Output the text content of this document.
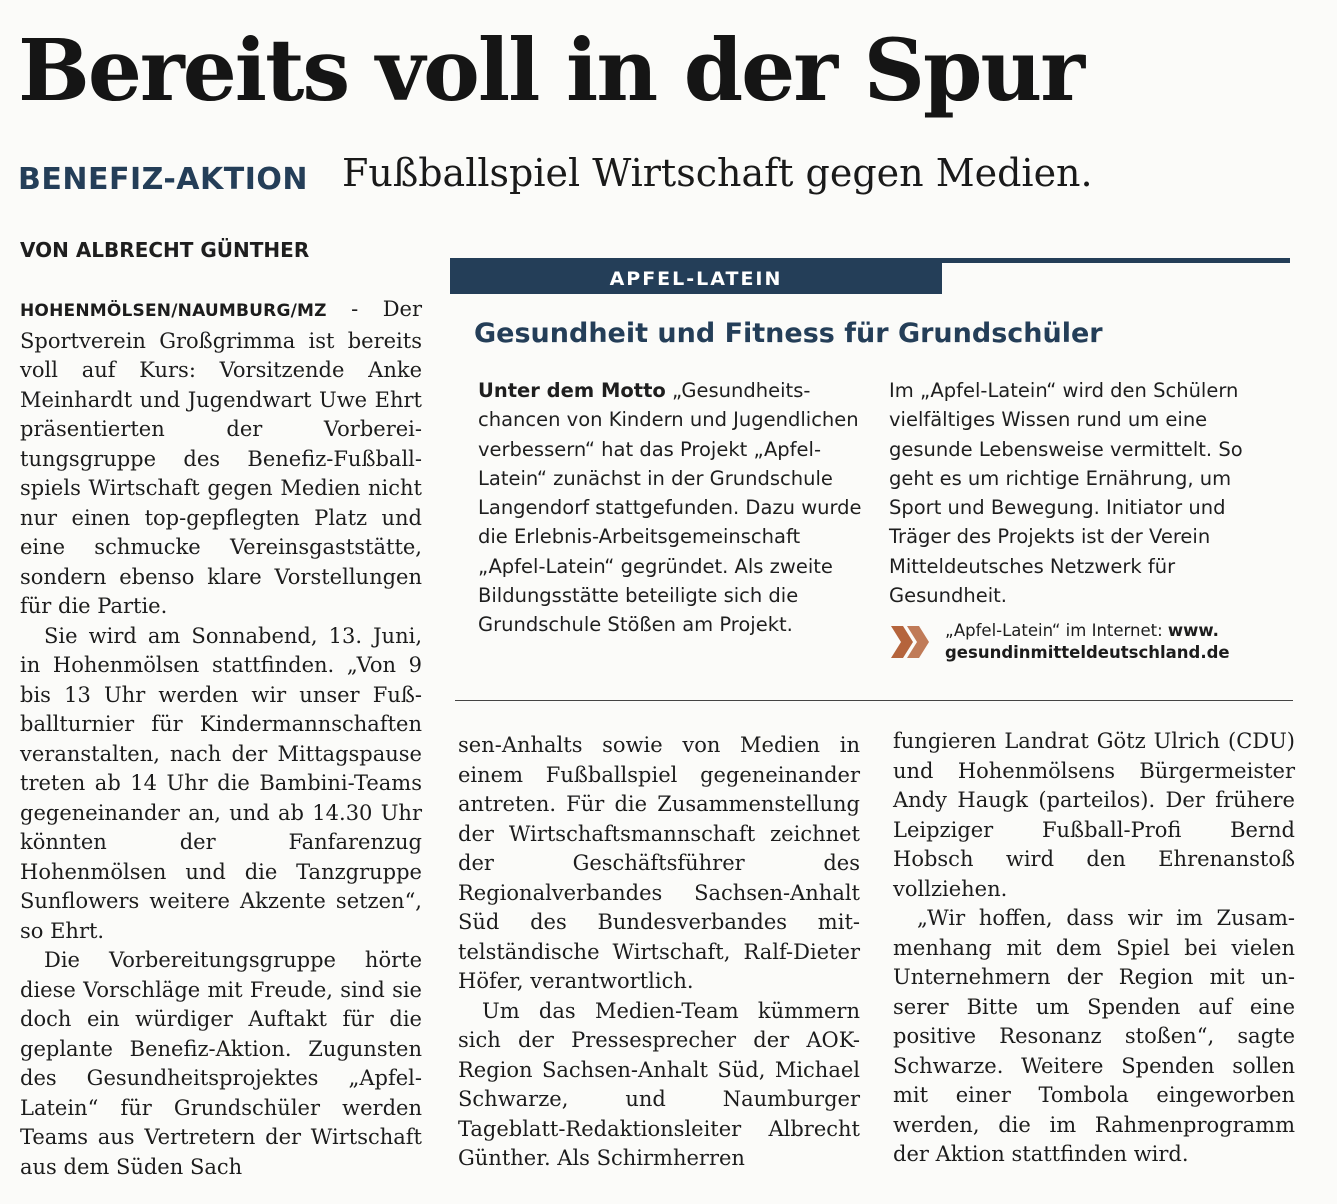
Bereits voll in der Spur
BENEFIZ-AKTION Fußballspiel Wirtschaft gegen Medien.
VON ALBRECHT GÜNTHER

HOHENMÖLSEN/NAUMBURG/MZ - Der Sportverein Großgrimma ist bereits voll auf Kurs: Vorsitzende Anke Meinhardt und Jugendwart Uwe Ehrt präsentierten der Vorbereitungsgruppe des Benefiz-Fußballspiels Wirtschaft gegen Medien nicht nur einen top-gepflegten Platz und eine schmucke Vereinsgaststätte, sondern ebenso klare Vorstellungen für die Partie.

Sie wird am Sonnabend, 13. Juni, in Hohenmölsen stattfinden. „Von 9 bis 13 Uhr werden wir unser Fußballturnier für Kindermannschaften veranstalten, nach der Mittagspause treten ab 14 Uhr die Bambini-Teams gegeneinander an, und ab 14.30 Uhr könnten der Fanfarenzug Hohenmölsen und die Tanzgruppe Sunflowers weitere Akzente setzen“, so Ehrt.

Die Vorbereitungsgruppe hörte diese Vorschläge mit Freude, sind sie doch ein würdiger Auftakt für die geplante Benefiz-Aktion. Zugunsten des Gesundheitsprojektes „Apfel-Latein“ für Grundschüler werden Teams aus Vertretern der Wirtschaft aus dem Süden Sach

sen-Anhalts sowie von Medien in einem Fußballspiel gegeneinander antreten. Für die Zusammenstellung der Wirtschaftsmannschaft zeichnet der Geschäftsführer des Regionalverbandes Sachsen-Anhalt Süd des Bundesverbandes mittelständische Wirtschaft, Ralf-Dieter Höfer, verantwortlich.

Um das Medien-Team kümmern sich der Pressesprecher der AOK-Region Sachsen-Anhalt Süd, Michael Schwarze, und Naumburger Tageblatt-Redaktionsleiter Albrecht Günther. Als Schirmherren

fungieren Landrat Götz Ulrich (CDU) und Hohenmölsens Bürgermeister Andy Haugk (parteilos). Der frühere Leipziger Fußball-Profi Bernd Hobsch wird den Ehrenanstoß vollziehen.

„Wir hoffen, dass wir im Zusammenhang mit dem Spiel bei vielen Unternehmern der Region mit unserer Bitte um Spenden auf eine positive Resonanz stoßen“, sagte Schwarze. Weitere Spenden sollen mit einer Tombola eingeworben werden, die im Rahmenprogramm der Aktion stattfinden wird.

APFEL-LATEIN
Gesundheit und Fitness für Grundschüler

Unter dem Motto „Gesundheitschancen von Kindern und Jugendlichen verbessern“ hat das Projekt „Apfel-Latein“ zunächst in der Grundschule Langendorf stattgefunden. Dazu wurde die Erlebnis-Arbeitsgemeinschaft „Apfel-Latein“ gegründet. Als zweite Bildungsstätte beteiligte sich die Grundschule Stößen am Projekt.

Im „Apfel-Latein“ wird den Schülern vielfältiges Wissen rund um eine gesunde Lebensweise vermittelt. So geht es um richtige Ernährung, um Sport und Bewegung. Initiator und Träger des Projekts ist der Verein Mitteldeutsches Netzwerk für Gesundheit.

„Apfel-Latein“ im Internet: www.
gesundinmitteldeutschland.de
